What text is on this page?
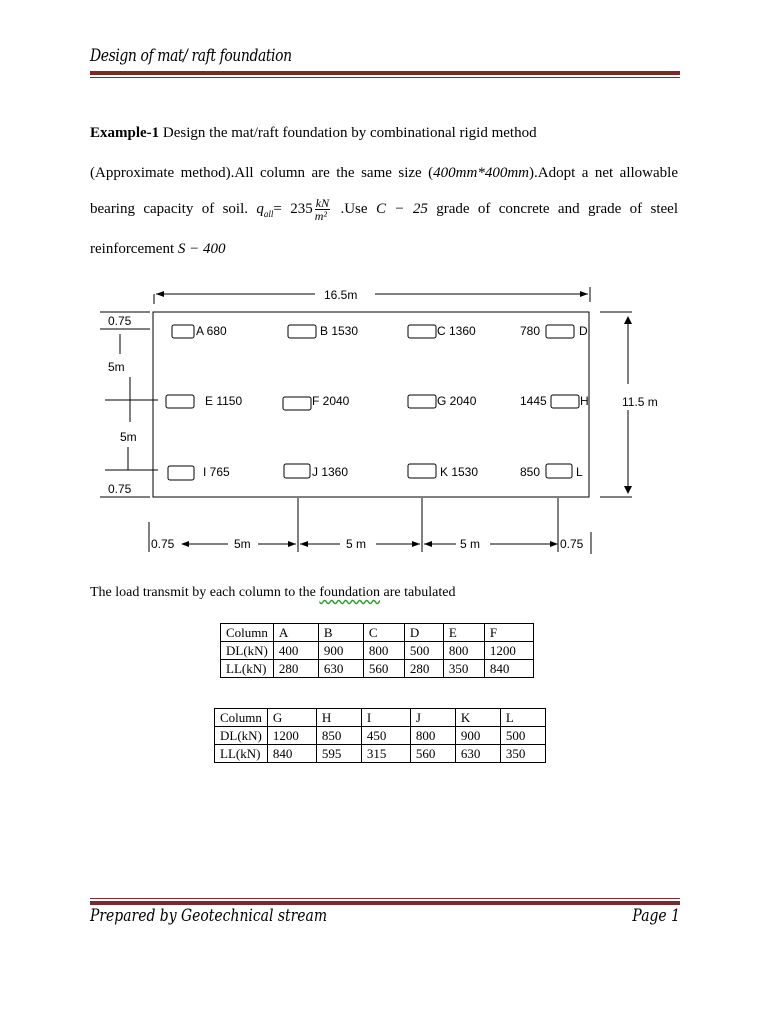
Design of mat/ raft foundation
Example-1 Design the mat/raft foundation by combinational rigid method
(Approximate method).All column are the same size (400mm*400mm).Adopt a net allowable
bearing capacity of soil. $q_{all}= 235 \frac{kN}{\text{m²}} .Use$ C − 25 grade of concrete and grade of steel
reinforcement S − 400
16.5m
11.5 m
0.75
5m
5m
0.75
A 680	B 1530	C 1360	780	D
E 1150	F 2040	G 2040	1445	H
I 765	J 1360	K 1530	850	L
0.75	5m	5 m	5 m	0.75
The load transmit by each column to the foundation are tabulated
Column	A	B	C	D	E	F
DL(kN)	400	900	800	500	800	1200
LL(kN)	280	630	560	280	350	840
Column	G	H	I	J	K	L
DL(kN)	1200	850	450	800	900	500
LL(kN)	840	595	315	560	630	350
Prepared by Geotechnical stream	Page 1
